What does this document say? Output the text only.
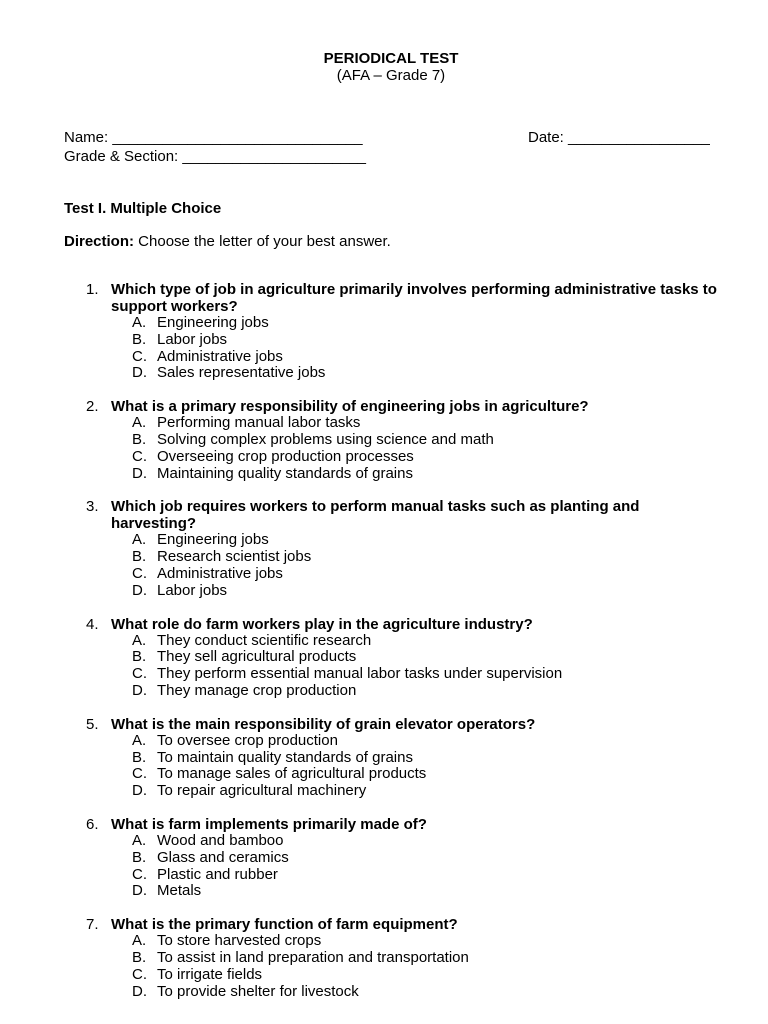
PERIODICAL TEST
(AFA – Grade 7)
Name: ______________________________	Date: _________________
Grade & Section: ______________________
Test I. Multiple Choice
Direction: Choose the letter of your best answer.
1. Which type of job in agriculture primarily involves performing administrative tasks to support workers?
A. Engineering jobs
B. Labor jobs
C. Administrative jobs
D. Sales representative jobs
2. What is a primary responsibility of engineering jobs in agriculture?
A. Performing manual labor tasks
B. Solving complex problems using science and math
C. Overseeing crop production processes
D. Maintaining quality standards of grains
3. Which job requires workers to perform manual tasks such as planting and harvesting?
A. Engineering jobs
B. Research scientist jobs
C. Administrative jobs
D. Labor jobs
4. What role do farm workers play in the agriculture industry?
A. They conduct scientific research
B. They sell agricultural products
C. They perform essential manual labor tasks under supervision
D. They manage crop production
5. What is the main responsibility of grain elevator operators?
A. To oversee crop production
B. To maintain quality standards of grains
C. To manage sales of agricultural products
D. To repair agricultural machinery
6. What is farm implements primarily made of?
A. Wood and bamboo
B. Glass and ceramics
C. Plastic and rubber
D. Metals
7. What is the primary function of farm equipment?
A. To store harvested crops
B. To assist in land preparation and transportation
C. To irrigate fields
D. To provide shelter for livestock
